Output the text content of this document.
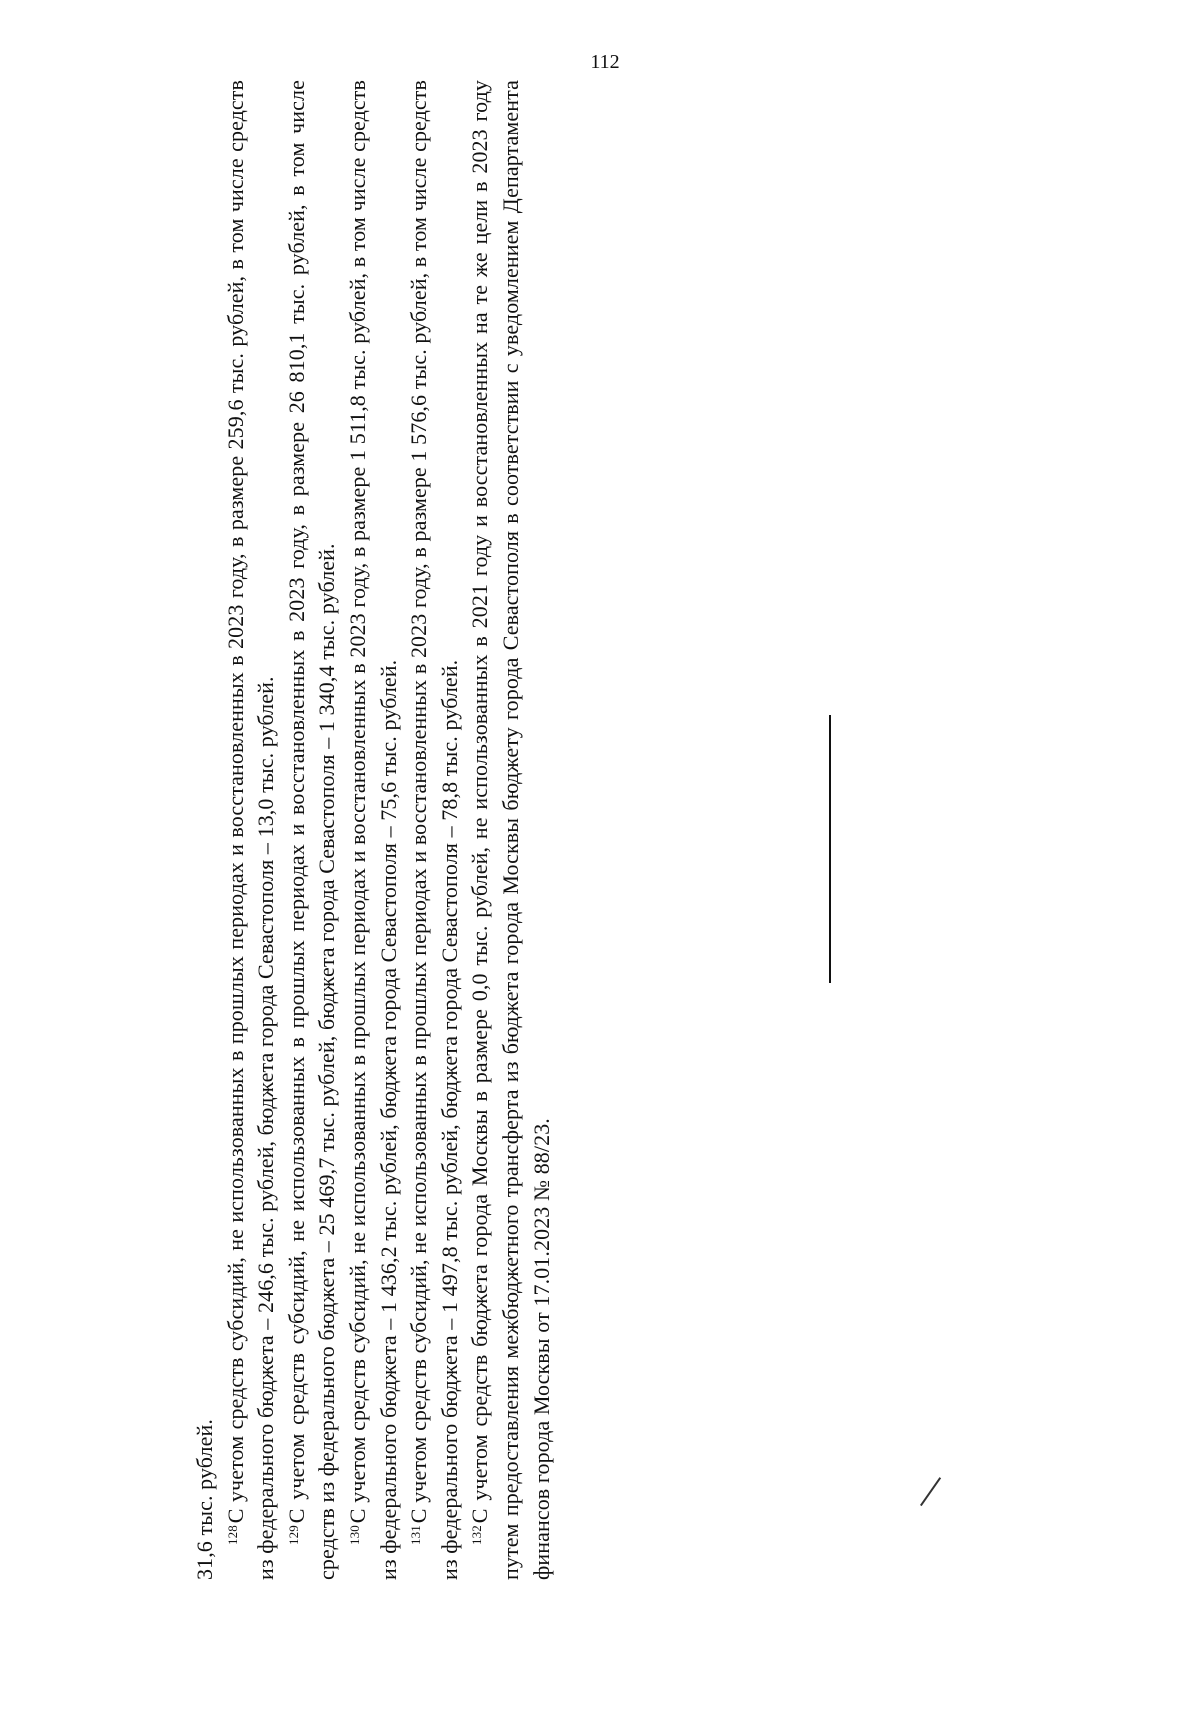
112

31,6 тыс. рублей. $^{128}$С учетом средств субсидий, не использованных в прошлых периодах и восстановленных в 2023 году, в размере 259,6 тыс. рублей, в том числе средств из федерального бюджета – 246,6 тыс. рублей, бюджета города Севастополя – 13,0 тыс. рублей. $^{129}$С учетом средств субсидий, не использованных в прошлых периодах и восстановленных в 2023 году, в размере 26 810,1 тыс. рублей, в том числе средств из федерального бюджета – 25 469,7 тыс. рублей, бюджета города Севастополя – 1 340,4 тыс. рублей. $^{130}$С учетом средств субсидий, не использованных в прошлых периодах и восстановленных в 2023 году, в размере 1 511,8 тыс. рублей, в том числе средств из федерального бюджета – 1 436,2 тыс. рублей, бюджета города Севастополя – 75,6 тыс. рублей. $^{131}$С учетом средств субсидий, не использованных в прошлых периодах и восстановленных в 2023 году, в размере 1 576,6 тыс. рублей, в том числе средств из федерального бюджета – 1 497,8 тыс. рублей, бюджета города Севастополя – 78,8 тыс. рублей. $^{132}$С учетом средств бюджета города Москвы в размере 0,0 тыс. рублей, не использованных в 2021 году и восстановленных на те же цели в 2023 году путем предоставления межбюджетного трансферта из бюджета города Москвы бюджету города Севастополя в соответствии с уведомлением Департамента финансов города Москвы от 17.01.2023 № 88/23.
